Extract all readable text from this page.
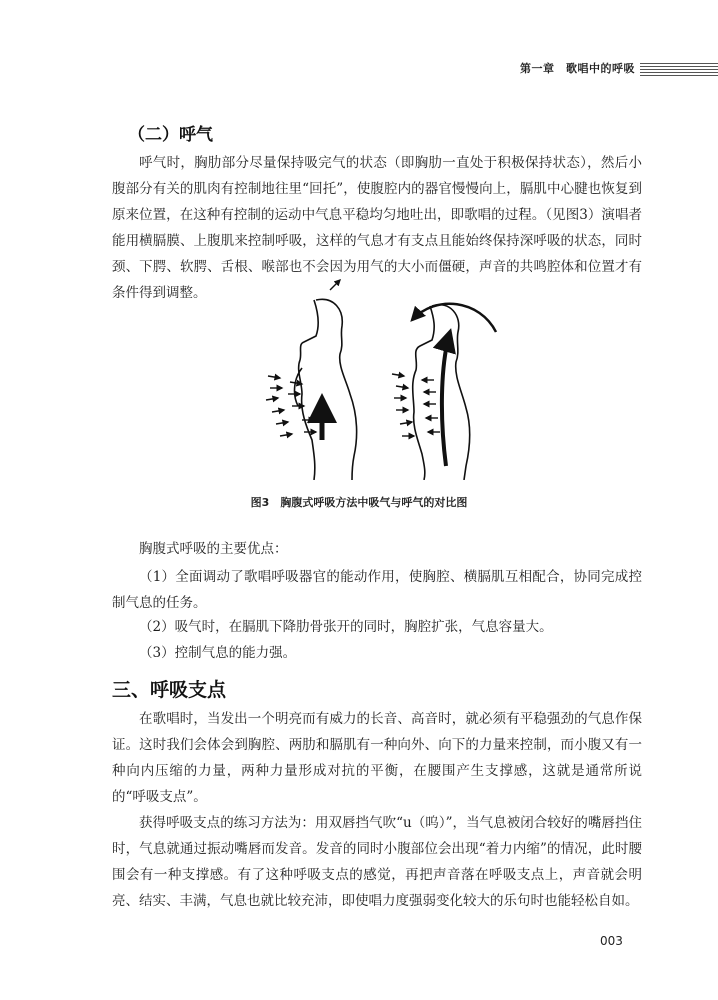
第一章　歌唱中的呼吸
（二）呼气

呼气时，胸肋部分尽量保持吸完气的状态（即胸肋一直处于积极保持状态），然后小腹部分有关的肌肉有控制地往里“回托”，使腹腔内的器官慢慢向上，膈肌中心腱也恢复到原来位置，在这种有控制的运动中气息平稳均匀地吐出，即歌唱的过程。（见图3）演唱者能用横膈膜、上腹肌来控制呼吸，这样的气息才有支点且能始终保持深呼吸的状态，同时颈、下腭、软腭、舌根、喉部也不会因为用气的大小而僵硬，声音的共鸣腔体和位置才有条件得到调整。

图3　胸腹式呼吸方法中吸气与呼气的对比图

胸腹式呼吸的主要优点：

（1）全面调动了歌唱呼吸器官的能动作用，使胸腔、横膈肌互相配合，协同完成控制气息的任务。

（2）吸气时，在膈肌下降肋骨张开的同时，胸腔扩张，气息容量大。

（3）控制气息的能力强。

三、呼吸支点

在歌唱时，当发出一个明亮而有威力的长音、高音时，就必须有平稳强劲的气息作保证。这时我们会体会到胸腔、两肋和膈肌有一种向外、向下的力量来控制，而小腹又有一种向内压缩的力量，两种力量形成对抗的平衡，在腰围产生支撑感，这就是通常所说的“呼吸支点”。

获得呼吸支点的练习方法为：用双唇挡气吹“u（呜）”，当气息被闭合较好的嘴唇挡住时，气息就通过振动嘴唇而发音。发音的同时小腹部位会出现“着力内缩”的情况，此时腰围会有一种支撑感。有了这种呼吸支点的感觉，再把声音落在呼吸支点上，声音就会明亮、结实、丰满，气息也就比较充沛，即使唱力度强弱变化较大的乐句时也能轻松自如。

003
